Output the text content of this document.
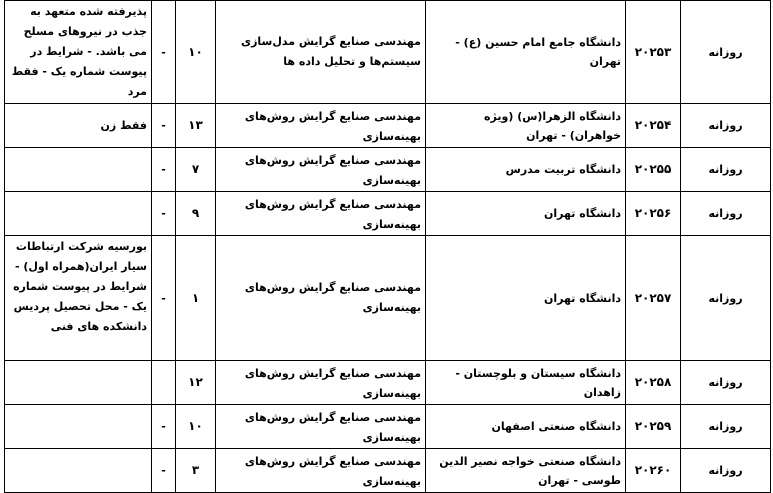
روزانه	۲۰۲۵۳	دانشگاه جامع امام حسین (ع) - تهران	مهندسی صنایع گرایش مدل‌سازی سیستم‌ها و تحلیل داده ها	۱۰	-	پذیرفته شده متعهد به جذب در نیروهای مسلح می باشد. - شرایط در پیوست شماره یک - فقط مرد
روزانه	۲۰۲۵۴	دانشگاه الزهرا(س) (ویژه خواهران) - تهران	مهندسی صنایع گرایش روش‌های بهینه‌سازی	۱۳	-	فقط زن
روزانه	۲۰۲۵۵	دانشگاه تربیت مدرس	مهندسی صنایع گرایش روش‌های بهینه‌سازی	۷	-	
روزانه	۲۰۲۵۶	دانشگاه تهران	مهندسی صنایع گرایش روش‌های بهینه‌سازی	۹	-	
روزانه	۲۰۲۵۷	دانشگاه تهران	مهندسی صنایع گرایش روش‌های بهینه‌سازی	۱	-	بورسیه شرکت ارتباطات سیار ایران(همراه اول) - شرایط در پیوست شماره یک - محل تحصیل پردیس دانشکده های فنی
روزانه	۲۰۲۵۸	دانشگاه سیستان و بلوچستان - زاهدان	مهندسی صنایع گرایش روش‌های بهینه‌سازی	۱۲		
روزانه	۲۰۲۵۹	دانشگاه صنعتی اصفهان	مهندسی صنایع گرایش روش‌های بهینه‌سازی	۱۰	-	
روزانه	۲۰۲۶۰	دانشگاه صنعتی خواجه نصیر الدین طوسی - تهران	مهندسی صنایع گرایش روش‌های بهینه‌سازی	۳	-	
